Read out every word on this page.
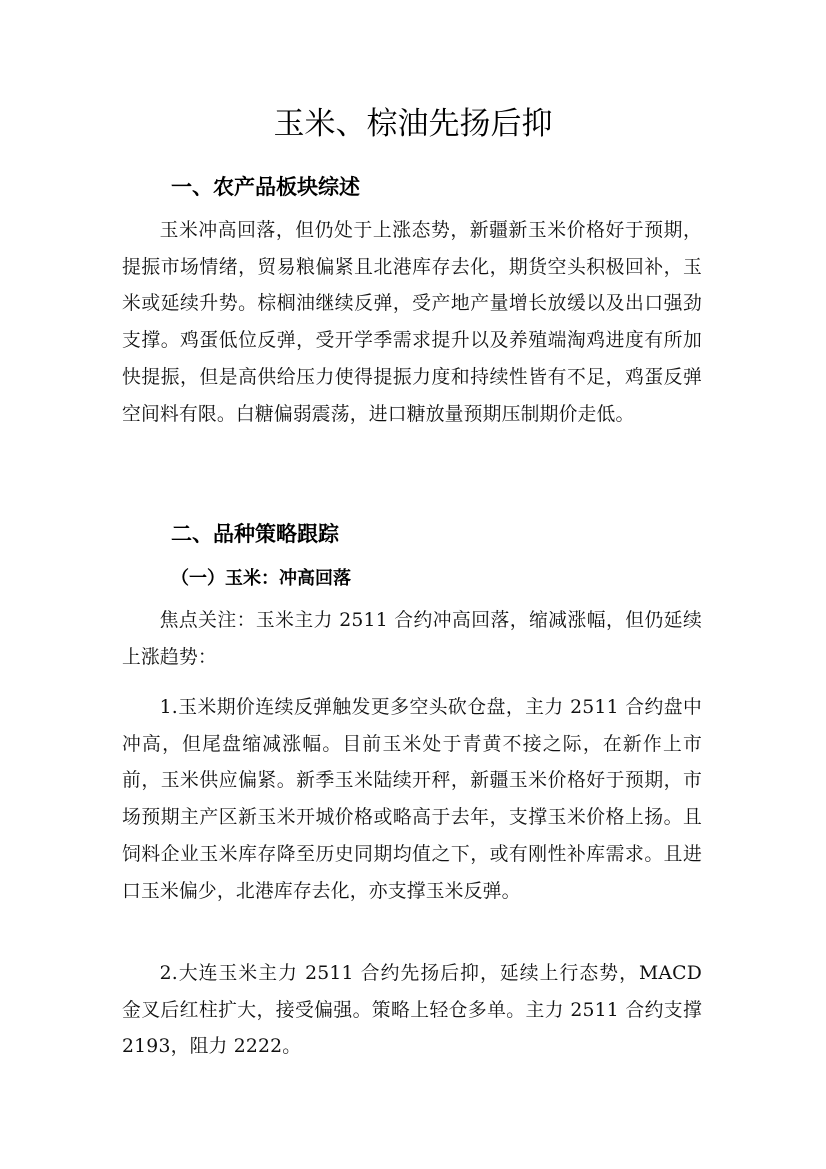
玉米、棕油先扬后抑
一、农产品板块综述
玉米冲高回落，但仍处于上涨态势，新疆新玉米价格好于预期，提振市场情绪，贸易粮偏紧且北港库存去化，期货空头积极回补，玉米或延续升势。棕榈油继续反弹，受产地产量增长放缓以及出口强劲支撑。鸡蛋低位反弹，受开学季需求提升以及养殖端淘鸡进度有所加快提振，但是高供给压力使得提振力度和持续性皆有不足，鸡蛋反弹空间料有限。白糖偏弱震荡，进口糖放量预期压制期价走低。
二、品种策略跟踪
（一）玉米：冲高回落
焦点关注：玉米主力 2511 合约冲高回落，缩减涨幅，但仍延续上涨趋势：
1.玉米期价连续反弹触发更多空头砍仓盘，主力 2511 合约盘中冲高，但尾盘缩减涨幅。目前玉米处于青黄不接之际，在新作上市前，玉米供应偏紧。新季玉米陆续开秤，新疆玉米价格好于预期，市场预期主产区新玉米开城价格或略高于去年，支撑玉米价格上扬。且饲料企业玉米库存降至历史同期均值之下，或有刚性补库需求。且进口玉米偏少，北港库存去化，亦支撑玉米反弹。
2.大连玉米主力 2511 合约先扬后抑，延续上行态势，MACD 金叉后红柱扩大，接受偏强。策略上轻仓多单。主力 2511 合约支撑 2193，阻力 2222。
